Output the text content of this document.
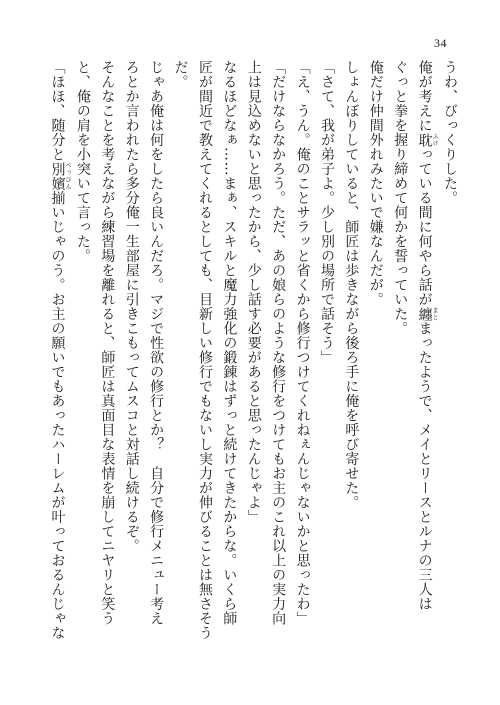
34
うわ、びっくりした。
俺が考えに耽ふけっている間に何やら話が纏まとまったようで、メイとリースとルナの三人は
ぐっと拳を握り締めて何かを誓っていた。
俺だけ仲間外れみたいで嫌なんだが。
しょんぼりしていると、師匠は歩きながら後ろ手に俺を呼び寄せた。
「さて、我が弟子よ。少し別の場所で話そう」
「え、うん。俺のことサラッと省くから修行つけてくれねぇんじゃないかと思ったわ」
「だけならなかろう。ただ、あの娘らのような修行をつけてもお主のこれ以上の実力向
上は見込めないと思ったから、少し話す必要があると思ったんじゃよ」
なるほどなぁ……まぁ、スキルと魔力強化の鍛錬はずっと続けてきたからな。いくら師
匠が間近で教えてくれるとしても、目新しい修行でもないし実力が伸びることは無さそう
だ。
じゃあ俺は何をしたら良いんだろ。マジで性欲の修行とか？　自分で修行メニュー考え
ろとか言われたら多分俺一生部屋に引きこもってムスコと対話し続けるぞ。
そんなことを考えながら練習場を離れると、師匠は真面目な表情を崩してニヤリと笑う
と、俺の肩を小突いて言った。
「ほほ、随分と別嬪べっぴん揃いじゃのう。お主の願いでもあったハーレムが叶っておるんじゃな
